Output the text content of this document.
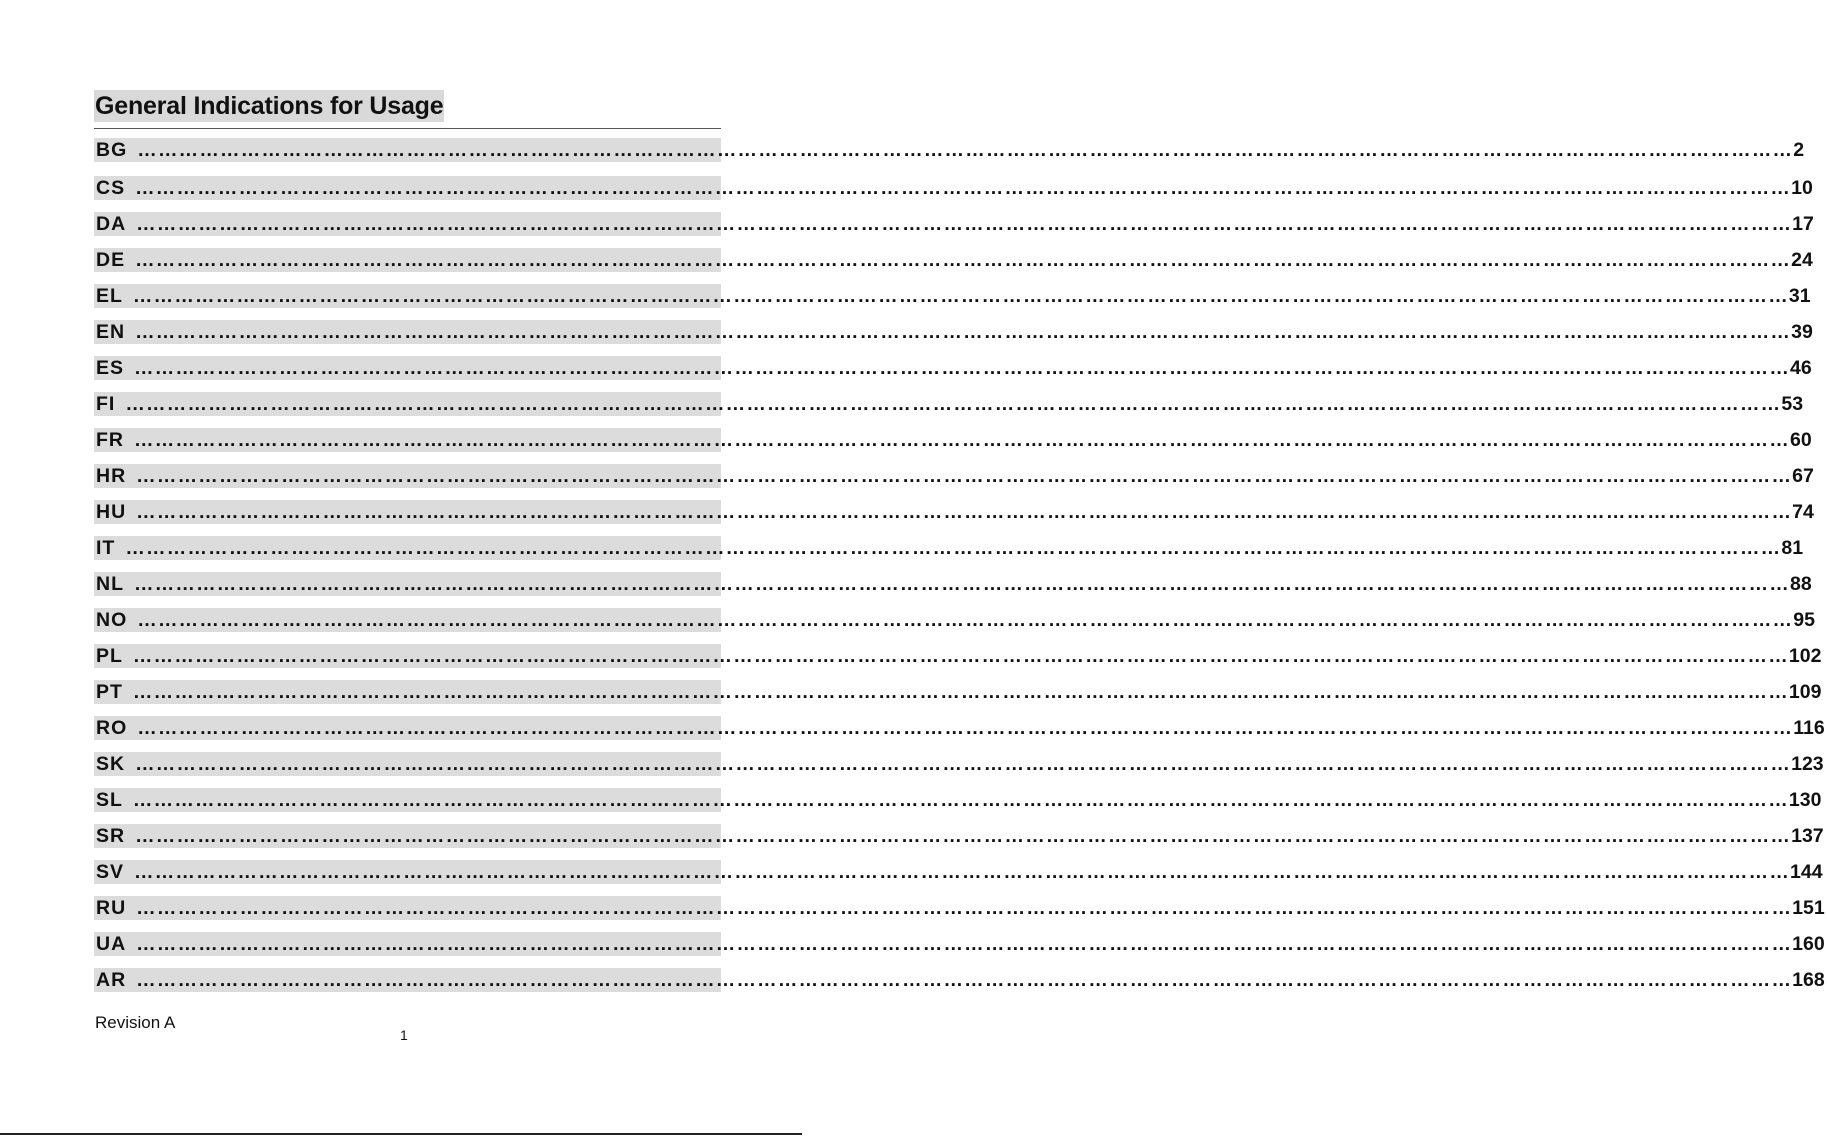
General Indications for Usage
BG …………………………………………………………………………………………………………………………………………………………………………………………………………………… 2
CS …………………………………………………………………………………………………………………………………………………………………………………………………………………… 10
DA …………………………………………………………………………………………………………………………………………………………………………………………………………………… 17
DE …………………………………………………………………………………………………………………………………………………………………………………………………………………… 24
EL …………………………………………………………………………………………………………………………………………………………………………………………………………………… 31
EN …………………………………………………………………………………………………………………………………………………………………………………………………………………… 39
ES …………………………………………………………………………………………………………………………………………………………………………………………………………………… 46
FI …………………………………………………………………………………………………………………………………………………………………………………………………………………… 53
FR …………………………………………………………………………………………………………………………………………………………………………………………………………………… 60
HR …………………………………………………………………………………………………………………………………………………………………………………………………………………… 67
HU …………………………………………………………………………………………………………………………………………………………………………………………………………………… 74
IT …………………………………………………………………………………………………………………………………………………………………………………………………………………… 81
NL …………………………………………………………………………………………………………………………………………………………………………………………………………………… 88
NO …………………………………………………………………………………………………………………………………………………………………………………………………………………… 95
PL …………………………………………………………………………………………………………………………………………………………………………………………………………………… 102
PT …………………………………………………………………………………………………………………………………………………………………………………………………………………… 109
RO …………………………………………………………………………………………………………………………………………………………………………………………………………………… 116
SK …………………………………………………………………………………………………………………………………………………………………………………………………………………… 123
SL …………………………………………………………………………………………………………………………………………………………………………………………………………………… 130
SR …………………………………………………………………………………………………………………………………………………………………………………………………………………… 137
SV …………………………………………………………………………………………………………………………………………………………………………………………………………………… 144
RU …………………………………………………………………………………………………………………………………………………………………………………………………………………… 151
UA …………………………………………………………………………………………………………………………………………………………………………………………………………………… 160
AR …………………………………………………………………………………………………………………………………………………………………………………………………………………… 168
Revision A
1
